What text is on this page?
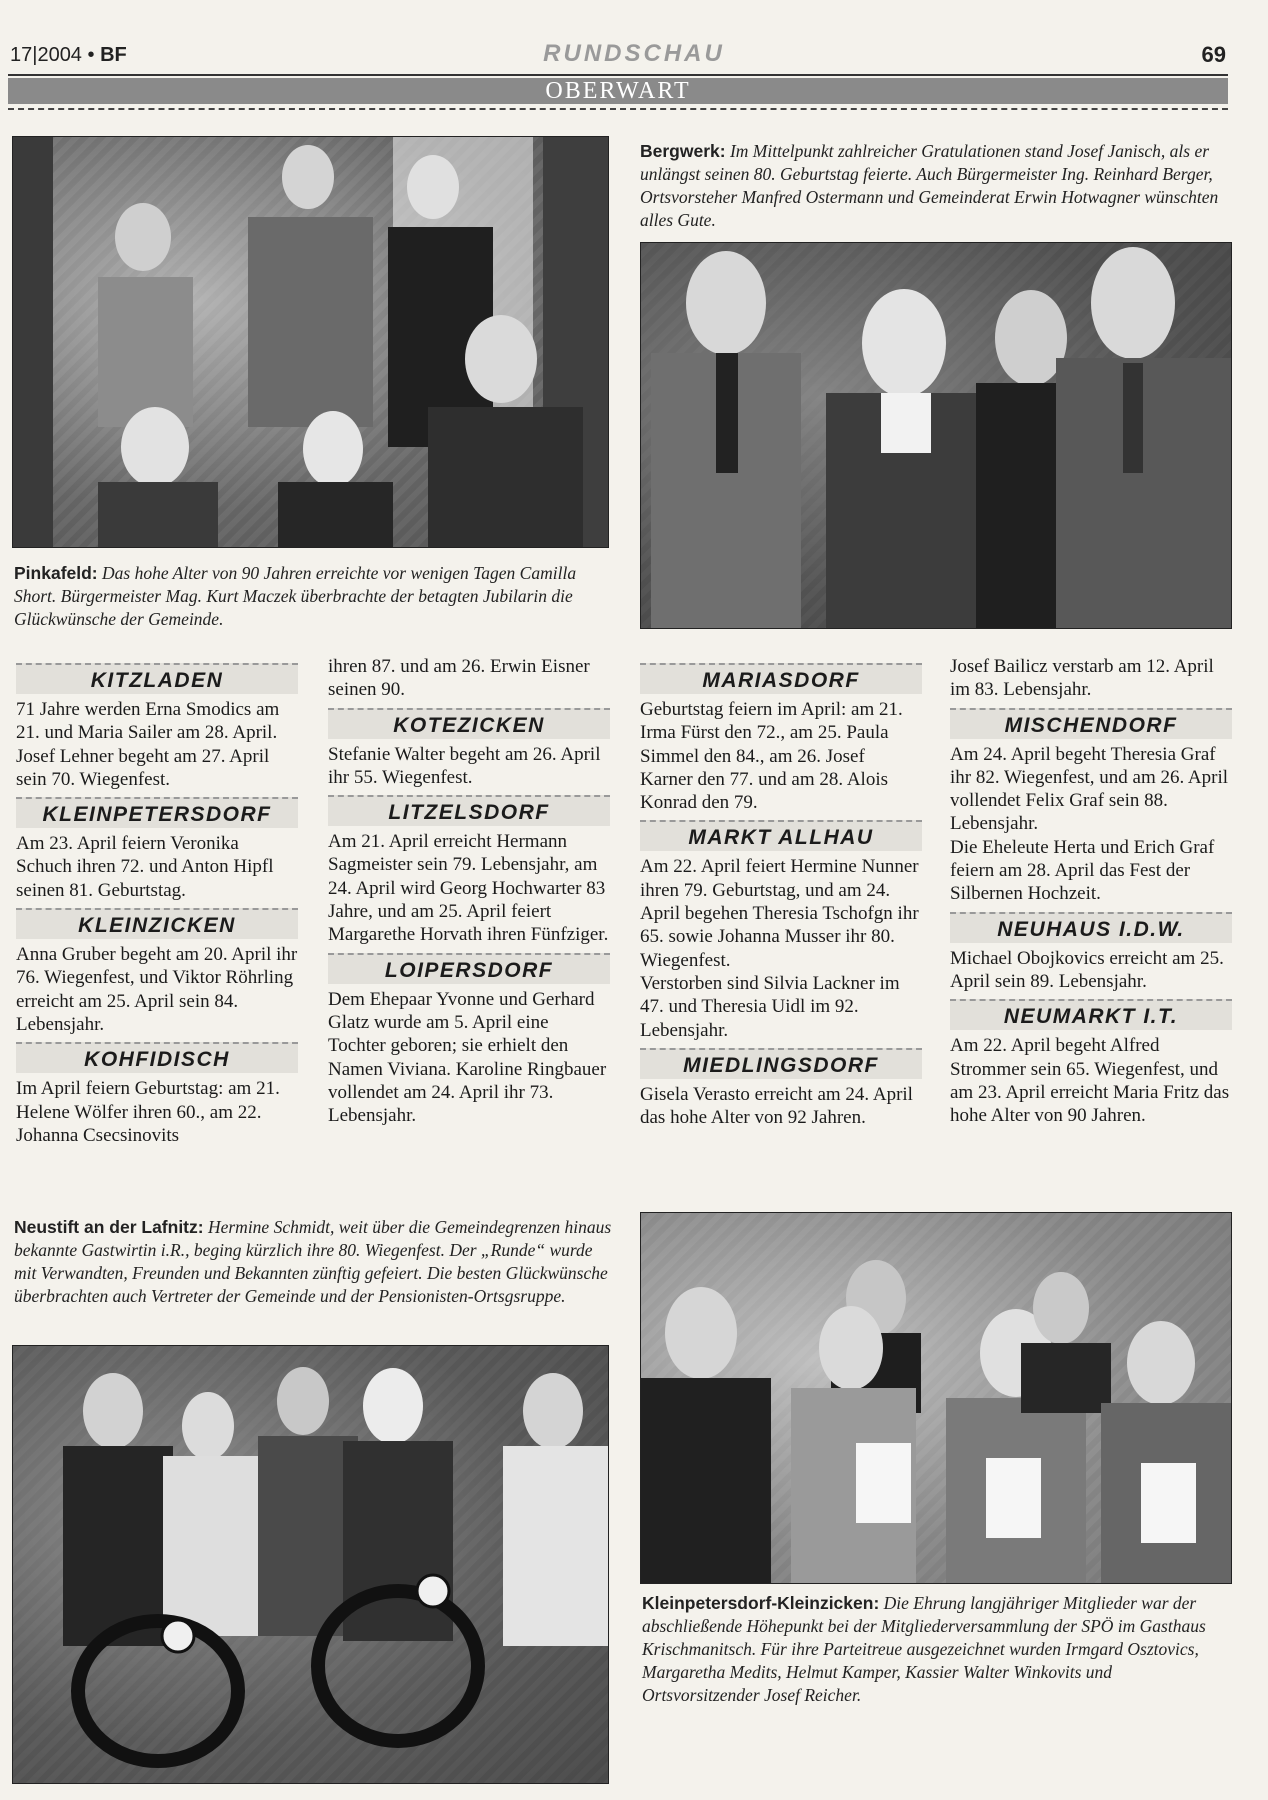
17|2004 • BF	RUNDSCHAU	69
OBERWART
Bergwerk: Im Mittelpunkt zahlreicher Gratulationen stand Josef Janisch, als er unlängst seinen 80. Geburtstag feierte. Auch Bürgermeister Ing. Reinhard Berger, Ortsvorsteher Manfred Ostermann und Gemeinderat Erwin Hotwagner wünschten alles Gute.
Pinkafeld: Das hohe Alter von 90 Jahren erreichte vor wenigen Tagen Camilla Short. Bürgermeister Mag. Kurt Maczek überbrachte der betagten Jubilarin die Glückwünsche der Gemeinde.
KITZLADEN

71 Jahre werden Erna Smodics am 21. und Maria Sailer am 28. April. Josef Lehner begeht am 27. April sein 70. Wiegenfest.

KLEINPETERSDORF

Am 23. April feiern Veronika Schuch ihren 72. und Anton Hipfl seinen 81. Geburtstag.

KLEINZICKEN

Anna Gruber begeht am 20. April ihr 76. Wiegenfest, und Viktor Röhrling erreicht am 25. April sein 84. Lebensjahr.

KOHFIDISCH

Im April feiern Geburtstag: am 21. Helene Wölfer ihren 60., am 22. Johanna Csecsinovits

ihren 87. und am 26. Erwin Eisner seinen 90.

KOTEZICKEN

Stefanie Walter begeht am 26. April ihr 55. Wiegenfest.

LITZELSDORF

Am 21. April erreicht Hermann Sagmeister sein 79. Lebensjahr, am 24. April wird Georg Hochwarter 83 Jahre, und am 25. April feiert Margarethe Horvath ihren Fünfziger.

LOIPERSDORF

Dem Ehepaar Yvonne und Gerhard Glatz wurde am 5. April eine Tochter geboren; sie erhielt den Namen Viviana. Karoline Ringbauer vollendet am 24. April ihr 73. Lebensjahr.

MARIASDORF

Geburtstag feiern im April: am 21. Irma Fürst den 72., am 25. Paula Simmel den 84., am 26. Josef Karner den 77. und am 28. Alois Konrad den 79.

MARKT ALLHAU

Am 22. April feiert Hermine Nunner ihren 79. Geburtstag, und am 24. April begehen Theresia Tschofgn ihr 65. sowie Johanna Musser ihr 80. Wiegenfest.

Verstorben sind Silvia Lackner im 47. und Theresia Uidl im 92. Lebensjahr.

MIEDLINGSDORF

Gisela Verasto erreicht am 24. April das hohe Alter von 92 Jahren.

Josef Bailicz verstarb am 12. April im 83. Lebensjahr.

MISCHENDORF

Am 24. April begeht Theresia Graf ihr 82. Wiegenfest, und am 26. April vollendet Felix Graf sein 88. Lebensjahr.

Die Eheleute Herta und Erich Graf feiern am 28. April das Fest der Silbernen Hochzeit.

NEUHAUS I.D.W.

Michael Obojkovics erreicht am 25. April sein 89. Lebensjahr.

NEUMARKT I.T.

Am 22. April begeht Alfred Strommer sein 65. Wiegenfest, und am 23. April erreicht Maria Fritz das hohe Alter von 90 Jahren.

Neustift an der Lafnitz: Hermine Schmidt, weit über die Gemeindegrenzen hinaus bekannte Gastwirtin i.R., beging kürzlich ihre 80. Wiegenfest. Der „Runde“ wurde mit Verwandten, Freunden und Bekannten zünftig gefeiert. Die besten Glückwünsche überbrachten auch Vertreter der Gemeinde und der Pensionisten-Ortsgsruppe.
Kleinpetersdorf-Kleinzicken: Die Ehrung langjähriger Mitglieder war der abschließende Höhepunkt bei der Mitgliederversammlung der SPÖ im Gasthaus Krischmanitsch. Für ihre Parteitreue ausgezeichnet wurden Irmgard Osztovics, Margaretha Medits, Helmut Kamper, Kassier Walter Winkovits und Ortsvorsitzender Josef Reicher.
